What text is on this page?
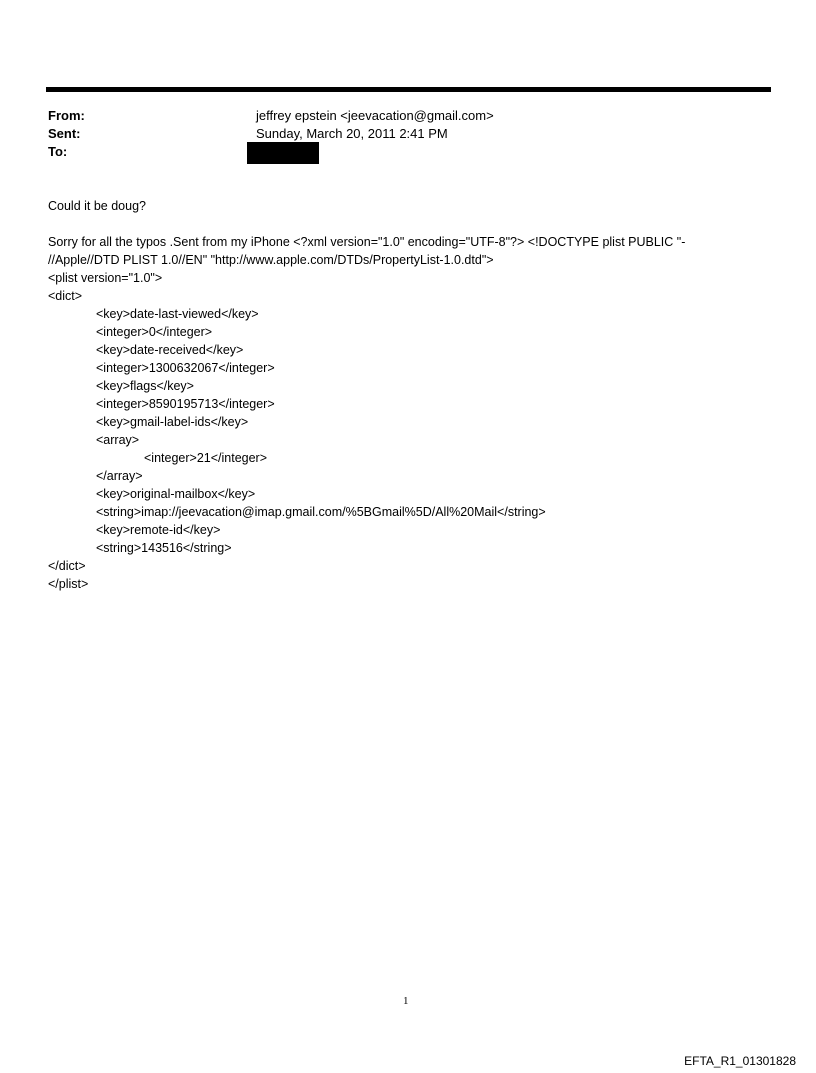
From:	jeffrey epstein <jeevacation@gmail.com>
Sent:	Sunday, March 20, 2011 2:41 PM
To:
Could it be doug?
Sorry for all the typos .Sent from my iPhone <?xml version="1.0" encoding="UTF-8"?> <!DOCTYPE plist PUBLIC "-
//Apple//DTD PLIST 1.0//EN" "http://www.apple.com/DTDs/PropertyList-1.0.dtd">
<plist version="1.0">
<dict>
<key>date-last-viewed</key>
<integer>0</integer>
<key>date-received</key>
<integer>1300632067</integer>
<key>flags</key>
<integer>8590195713</integer>
<key>gmail-label-ids</key>
<array>
<integer>21</integer>
</array>
<key>original-mailbox</key>
<string>imap://jeevacation@imap.gmail.com/%5BGmail%5D/All%20Mail</string>
<key>remote-id</key>
<string>143516</string>
</dict>
</plist>
1
EFTA_R1_01301828
